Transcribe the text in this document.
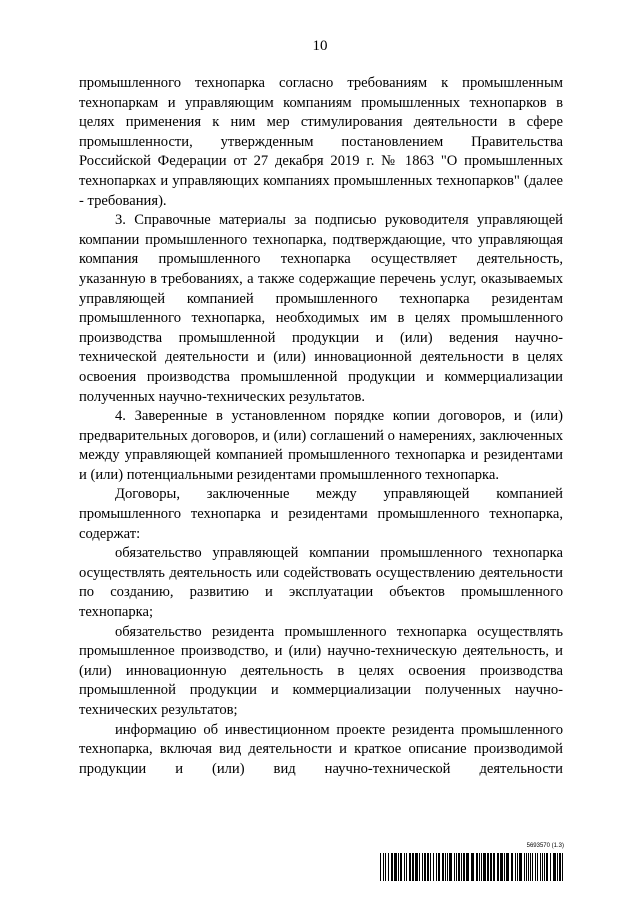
10

промышленного технопарка согласно требованиям к промышленным технопаркам и управляющим компаниям промышленных технопарков в целях применения к ним мер стимулирования деятельности в сфере промышленности, утвержденным постановлением Правительства Российской Федерации от 27 декабря 2019 г. № 1863 "О промышленных технопарках и управляющих компаниях промышленных технопарков" (далее - требования).

3. Справочные материалы за подписью руководителя управляющей компании промышленного технопарка, подтверждающие, что управляющая компания промышленного технопарка осуществляет деятельность, указанную в требованиях, а также содержащие перечень услуг, оказываемых управляющей компанией промышленного технопарка резидентам промышленного технопарка, необходимых им в целях промышленного производства промышленной продукции и (или) ведения научно-технической деятельности и (или) инновационной деятельности в целях освоения производства промышленной продукции и коммерциализации полученных научно-технических результатов.

4. Заверенные в установленном порядке копии договоров, и (или) предварительных договоров, и (или) соглашений о намерениях, заключенных между управляющей компанией промышленного технопарка и резидентами и (или) потенциальными резидентами промышленного технопарка.

Договоры, заключенные между управляющей компанией промышленного технопарка и резидентами промышленного технопарка, содержат:

обязательство управляющей компании промышленного технопарка осуществлять деятельность или содействовать осуществлению деятельности по созданию, развитию и эксплуатации объектов промышленного технопарка;

обязательство резидента промышленного технопарка осуществлять промышленное производство, и (или) научно-техническую деятельность, и (или) инновационную деятельность в целях освоения производства промышленной продукции и коммерциализации полученных научно-технических результатов;

информацию об инвестиционном проекте резидента промышленного технопарка, включая вид деятельности и краткое описание производимой продукции и (или) вид научно-технической деятельности

5693570 (1.3)
